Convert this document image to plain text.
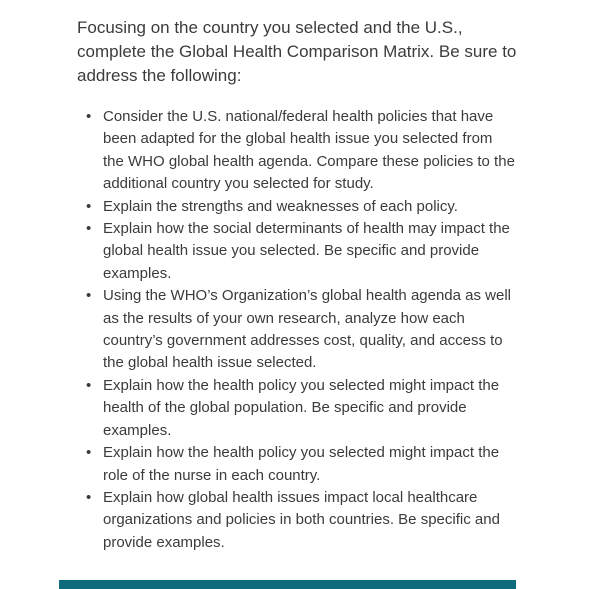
Focusing on the country you selected and the U.S., complete the Global Health Comparison Matrix. Be sure to address the following:

• Consider the U.S. national/federal health policies that have been adapted for the global health issue you selected from the WHO global health agenda. Compare these policies to the additional country you selected for study.
• Explain the strengths and weaknesses of each policy.
• Explain how the social determinants of health may impact the global health issue you selected. Be specific and provide examples.
• Using the WHO’s Organization’s global health agenda as well as the results of your own research, analyze how each country’s government addresses cost, quality, and access to the global health issue selected.
• Explain how the health policy you selected might impact the health of the global population. Be specific and provide examples.
• Explain how the health policy you selected might impact the role of the nurse in each country.
• Explain how global health issues impact local healthcare organizations and policies in both countries. Be specific and provide examples.
